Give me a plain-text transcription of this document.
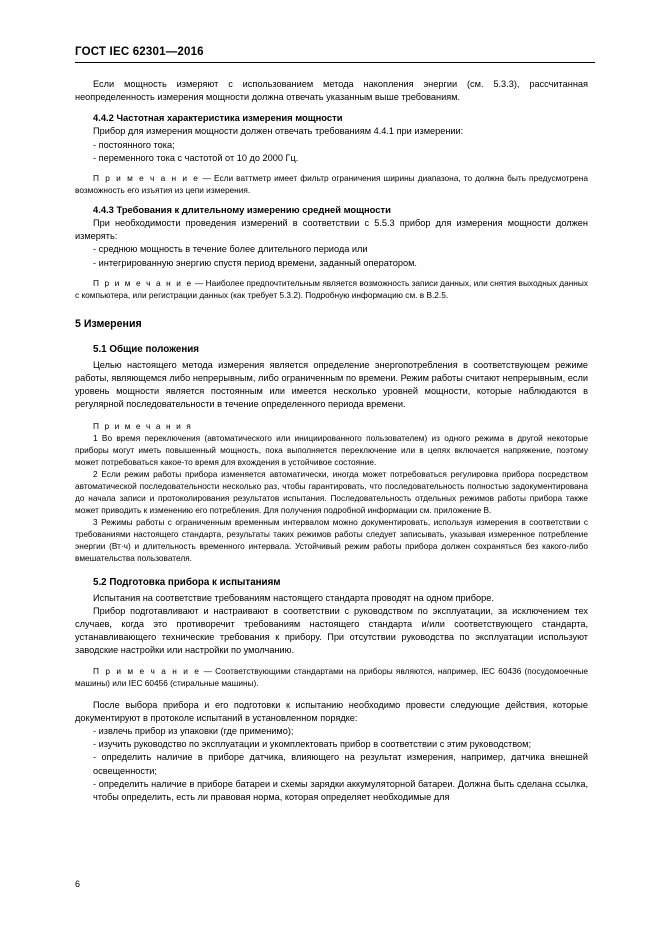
ГОСТ IEC 62301—2016

Если мощность измеряют с использованием метода накопления энергии (см. 5.3.3), рассчитанная неопределенность измерения мощности должна отвечать указанным выше требованиям.

4.4.2 Частотная характеристика измерения мощности

Прибор для измерения мощности должен отвечать требованиям 4.4.1 при измерении:

- постоянного тока;

- переменного тока с частотой от 10 до 2000 Гц.

П р и м е ч а н и е — Если ваттметр имеет фильтр ограничения ширины диапазона, то должна быть предусмотрена возможность его изъятия из цепи измерения.

4.4.3 Требования к длительному измерению средней мощности

При необходимости проведения измерений в соответствии с 5.5.3 прибор для измерения мощности должен измерять:

- среднюю мощность в течение более длительного периода или

- интегрированную энергию спустя период времени, заданный оператором.

П р и м е ч а н и е — Наиболее предпочтительным является возможность записи данных, или снятия выходных данных с компьютера, или регистрации данных (как требует 5.3.2). Подробную информацию см. в В.2.5.

5 Измерения
5.1 Общие положения

Целью настоящего метода измерения является определение энергопотребления в соответствующем режиме работы, являющемся либо непрерывным, либо ограниченным по времени. Режим работы считают непрерывным, если уровень мощности является постоянным или имеется несколько уровней мощности, которые наблюдаются в регулярной последовательности в течение определенного периода времени.

П р и м е ч а н и я

1 Во время переключения (автоматического или инициированного пользователем) из одного режима в другой некоторые приборы могут иметь повышенный мощность, пока выполняется переключение или в цепях включается напряжение, поэтому может потребоваться какое-то время для вхождения в устойчивое состояние.

2 Если режим работы прибора изменяется автоматически, иногда может потребоваться регулировка прибора посредством автоматической последовательности несколько раз, чтобы гарантировать, что последовательность полностью задокументирована до начала записи и протоколирования результатов испытания. Последовательность отдельных режимов работы прибора также может приводить к изменению его потребления. Для получения подробной информации см. приложение В.

3 Режимы работы с ограниченным временным интервалом можно документировать, используя измерения в соответствии с требованиями настоящего стандарта, результаты таких режимов работы следует записывать, указывая измеренное потребление энергии (Вт·ч) и длительность временного интервала. Устойчивый режим работы прибора должен сохраняться без какого-либо вмешательства пользователя.

5.2 Подготовка прибора к испытаниям

Испытания на соответствие требованиям настоящего стандарта проводят на одном приборе.

Прибор подготавливают и настраивают в соответствии с руководством по эксплуатации, за исключением тех случаев, когда это противоречит требованиям настоящего стандарта и/или соответствующего стандарта, устанавливающего технические требования к прибору. При отсутствии руководства по эксплуатации используют заводские настройки или настройки по умолчанию.

П р и м е ч а н и е — Соответствующими стандартами на приборы являются, например, IEC 60436 (посудомоечные машины) или IEC 60456 (стиральные машины).

После выбора прибора и его подготовки к испытанию необходимо провести следующие действия, которые документируют в протоколе испытаний в установленном порядке:

- извлечь прибор из упаковки (где применимо);

- изучить руководство по эксплуатации и укомплектовать прибор в соответствии с этим руководством;

- определить наличие в приборе датчика, влияющего на результат измерения, например, датчика внешней освещенности;

- определить наличие в приборе батареи и схемы зарядки аккумуляторной батареи. Должна быть сделана ссылка, чтобы определить, есть ли правовая норма, которая определяет необходимые для

6
